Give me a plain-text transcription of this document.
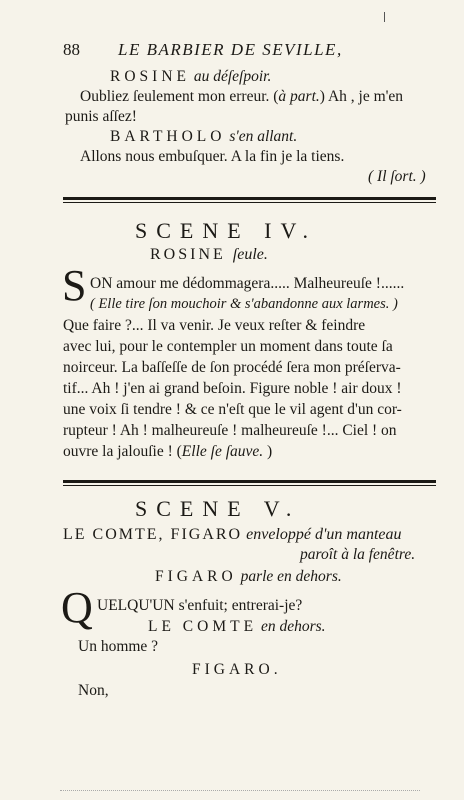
88 LE BARBIER DE SEVILLE,
ROSINE au déſeſpoir.
Oubliez ſeulement mon erreur. (à part.) Ah , je m'en
punis aſſez!
BARTHOLO s'en allant.
Allons nous embuſquer. A la fin je la tiens.
( Il ſort. )
SCENE IV.
ROSINE ſeule.
S ON amour me dédommagera..... Malheureuſe !......
( Elle tire ſon mouchoir & s'abandonne aux larmes. )
Que faire ?... Il va venir. Je veux reſter & feindre
avec lui, pour le contempler un moment dans toute ſa
noirceur. La baſſeſſe de ſon procédé ſera mon préſerva-
tif... Ah ! j'en ai grand beſoin. Figure noble ! air doux !
une voix ſi tendre ! & ce n'eſt que le vil agent d'un cor-
rupteur ! Ah ! malheureuſe ! malheureuſe !... Ciel ! on
ouvre la jalouſie ! (Elle ſe ſauve. )
SCENE V.
LE COMTE, FIGARO enveloppé d'un manteau
paroît à la fenêtre.
FIGARO parle en dehors.
Q UELQU'UN s'enfuit; entrerai-je?
LE COMTE en dehors.
Un homme ?
FIGARO.
Non,
